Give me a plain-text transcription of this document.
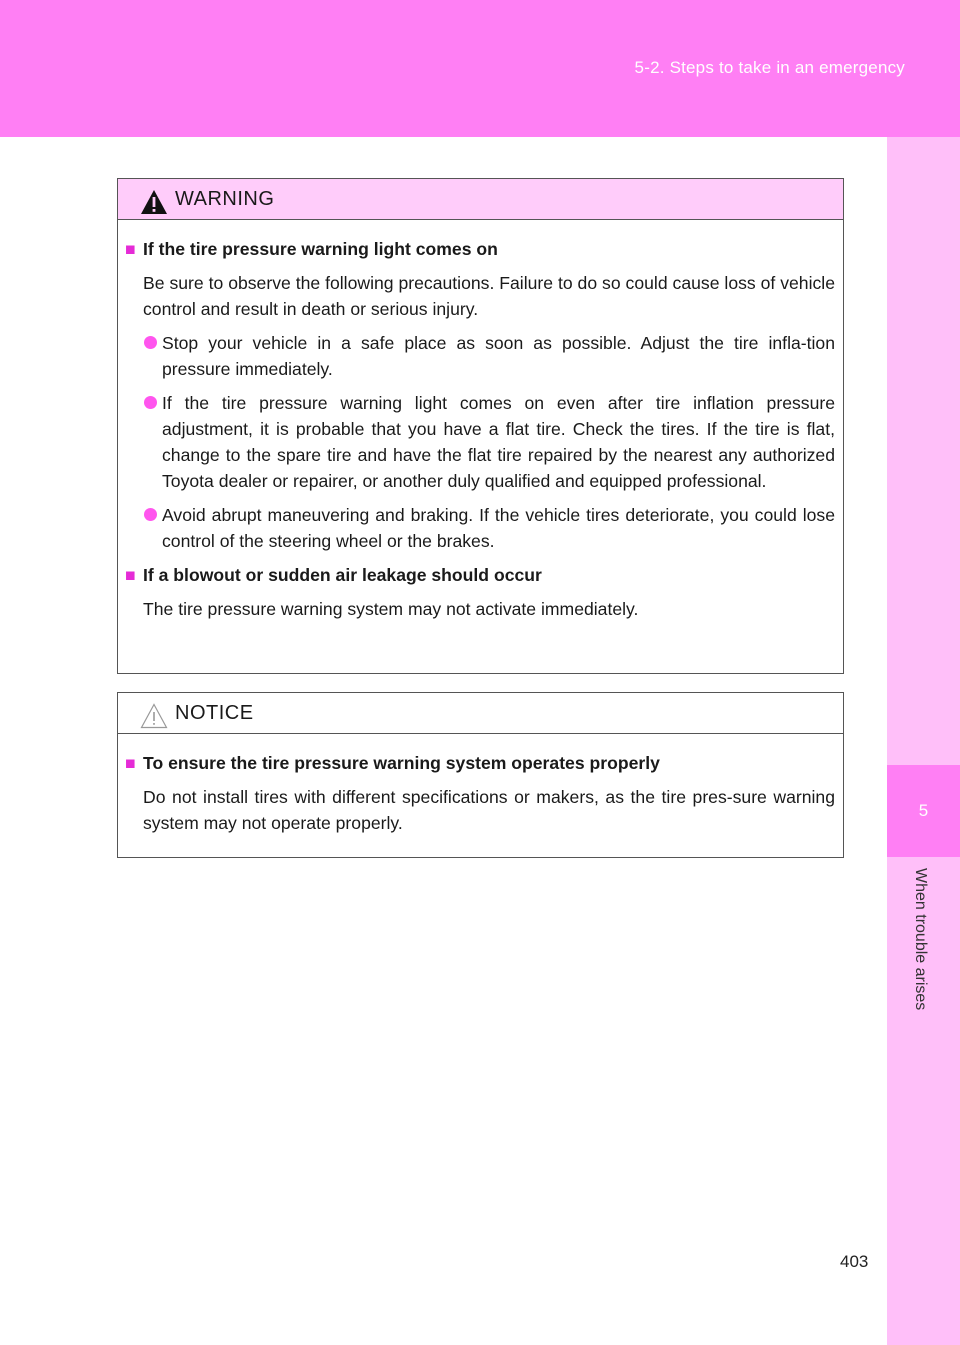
5-2. Steps to take in an emergency
5
When trouble arises
WARNING
■ If the tire pressure warning light comes on
Be sure to observe the following precautions. Failure to do so could cause loss of vehicle control and result in death or serious injury.
Stop your vehicle in a safe place as soon as possible. Adjust the tire infla-tion pressure immediately.
If the tire pressure warning light comes on even after tire inflation pressure adjustment, it is probable that you have a flat tire. Check the tires. If the tire is flat, change to the spare tire and have the flat tire repaired by the nearest any authorized Toyota dealer or repairer, or another duly qualified and equipped professional.
Avoid abrupt maneuvering and braking. If the vehicle tires deteriorate, you could lose control of the steering wheel or the brakes.
■ If a blowout or sudden air leakage should occur
The tire pressure warning system may not activate immediately.
NOTICE
■ To ensure the tire pressure warning system operates properly
Do not install tires with different specifications or makers, as the tire pres-sure warning system may not operate properly.
403
